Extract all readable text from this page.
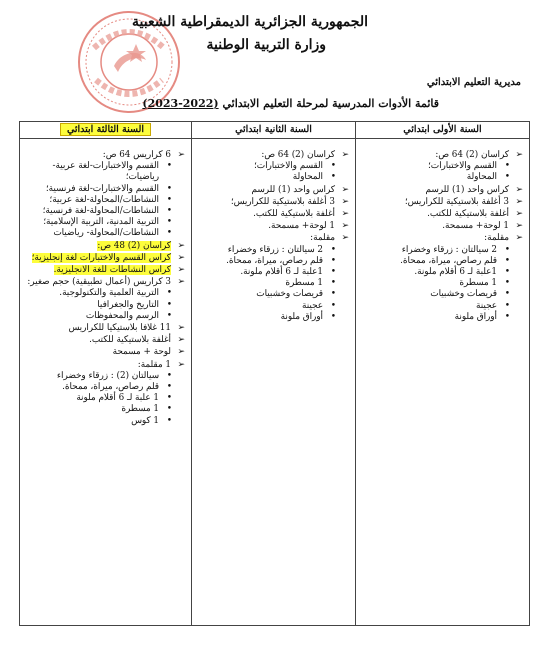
الجمهورية الجزائرية الديمقراطية الشعبية
وزارة التربية الوطنية
مديرية التعليم الابتدائي
قائمة الأدوات المدرسية لمرحلة التعليم الابتدائي (2022-2023)
السنة الأولى ابتدائي
➢ كراسان (2) 64 ص:
• القسم والاختبارات؛
• المحاولة
➢ كراس واحد (1) للرسم
➢ 3 أغلفة بلاستيكية للكراريس؛
➢ أغلفة بلاستيكية للكتب.
➢ 1 لوحة+ مسمحة.
➢ مقلمة:
• 2 سيالتان : زرقاء وخضراء
• قلم رصاص، ميراة، ممحاة.
• 1علبة لـ 6 أقلام ملونة.
• 1 مسطرة
• قريصات وخشبيات
• عجينة
• أوراق ملونة
السنة الثانية ابتدائي
➢ كراسان (2) 64 ص:
• القسم والاختبارات؛
• المحاولة
➢ كراس واحد (1) للرسم
➢ 3 أغلفة بلاستيكية للكراريس؛
➢ أغلفة بلاستيكية للكتب.
➢ 1 لوحة+ مسمحة.
➢ مقلمة:
• 2 سيالتان : زرقاء وخضراء
• قلم رصاص، ميراة، ممحاة.
• 1علبة لـ 6 أقلام ملونة.
• 1 مسطرة
• قريصات وخشبيات
• عجينة
• أوراق ملونة
السنة الثالثة ابتدائي
➢ 6 كراريس 64 ص:
• القسم والاختبارات-لغة عربية-رياضيات؛
• القسم والاختبارات-لغة فرنسية؛
• النشاطات/المحاولة-لغة عربية؛
• النشاطات/المحاولة-لغة فرنسية؛
• التربية المدنية، التربية الإسلامية؛
• النشاطات/المحاولة- رياضيات
➢ كراسان (2) 48 ص:
➢ كراس القسم والاختبارات لغة إنجليزية؛
➢ كراس النشاطات للغة الانجليزية.
➢ 3 كراريس (أعمال تطبيقية) حجم صغير:
• التربية العلمية والتكنولوجية.
• التاريخ والجغرافيا
• الرسم والمحفوظات
➢ 11 غلافا بلاستيكيا للكراريس
➢ أغلفة بلاستيكية للكتب.
➢ لوحة + مسمحة
➢ 1 مقلمة:
• سيالتان (2) : زرقاء وخضراء
• قلم رصاص، ميراة، ممحاة.
• 1 علبة لـ 6 أقلام ملونة
• 1 مسطرة
• 1 كوس
